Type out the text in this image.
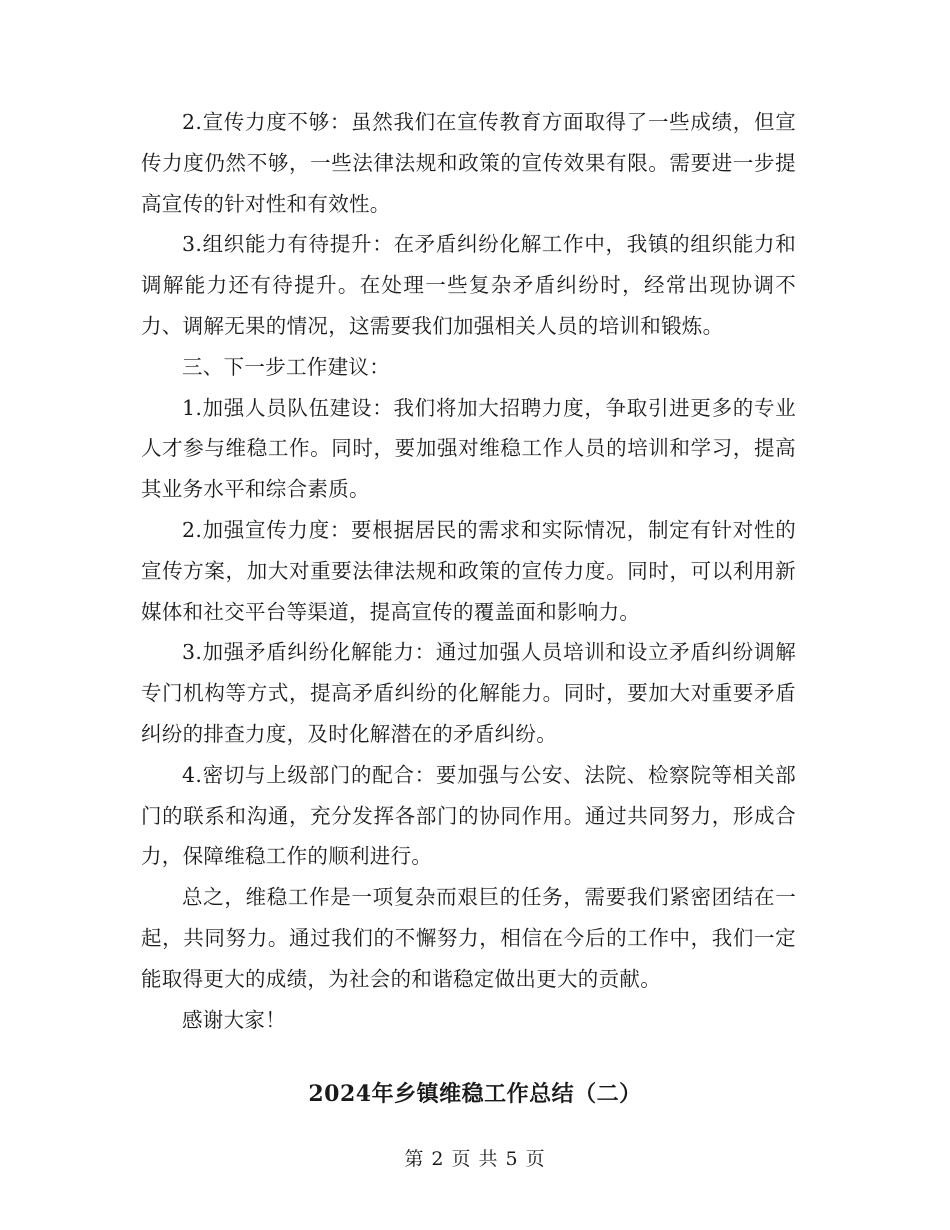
2.宣传力度不够：虽然我们在宣传教育方面取得了一些成绩，但宣传力度仍然不够，一些法律法规和政策的宣传效果有限。需要进一步提高宣传的针对性和有效性。

3.组织能力有待提升：在矛盾纠纷化解工作中，我镇的组织能力和调解能力还有待提升。在处理一些复杂矛盾纠纷时，经常出现协调不力、调解无果的情况，这需要我们加强相关人员的培训和锻炼。

三、下一步工作建议：

1.加强人员队伍建设：我们将加大招聘力度，争取引进更多的专业人才参与维稳工作。同时，要加强对维稳工作人员的培训和学习，提高其业务水平和综合素质。

2.加强宣传力度：要根据居民的需求和实际情况，制定有针对性的宣传方案，加大对重要法律法规和政策的宣传力度。同时，可以利用新媒体和社交平台等渠道，提高宣传的覆盖面和影响力。

3.加强矛盾纠纷化解能力：通过加强人员培训和设立矛盾纠纷调解专门机构等方式，提高矛盾纠纷的化解能力。同时，要加大对重要矛盾纠纷的排查力度，及时化解潜在的矛盾纠纷。

4.密切与上级部门的配合：要加强与公安、法院、检察院等相关部门的联系和沟通，充分发挥各部门的协同作用。通过共同努力，形成合力，保障维稳工作的顺利进行。

总之，维稳工作是一项复杂而艰巨的任务，需要我们紧密团结在一起，共同努力。通过我们的不懈努力，相信在今后的工作中，我们一定能取得更大的成绩，为社会的和谐稳定做出更大的贡献。

感谢大家！

2024年乡镇维稳工作总结（二）
第 2 页 共 5 页
